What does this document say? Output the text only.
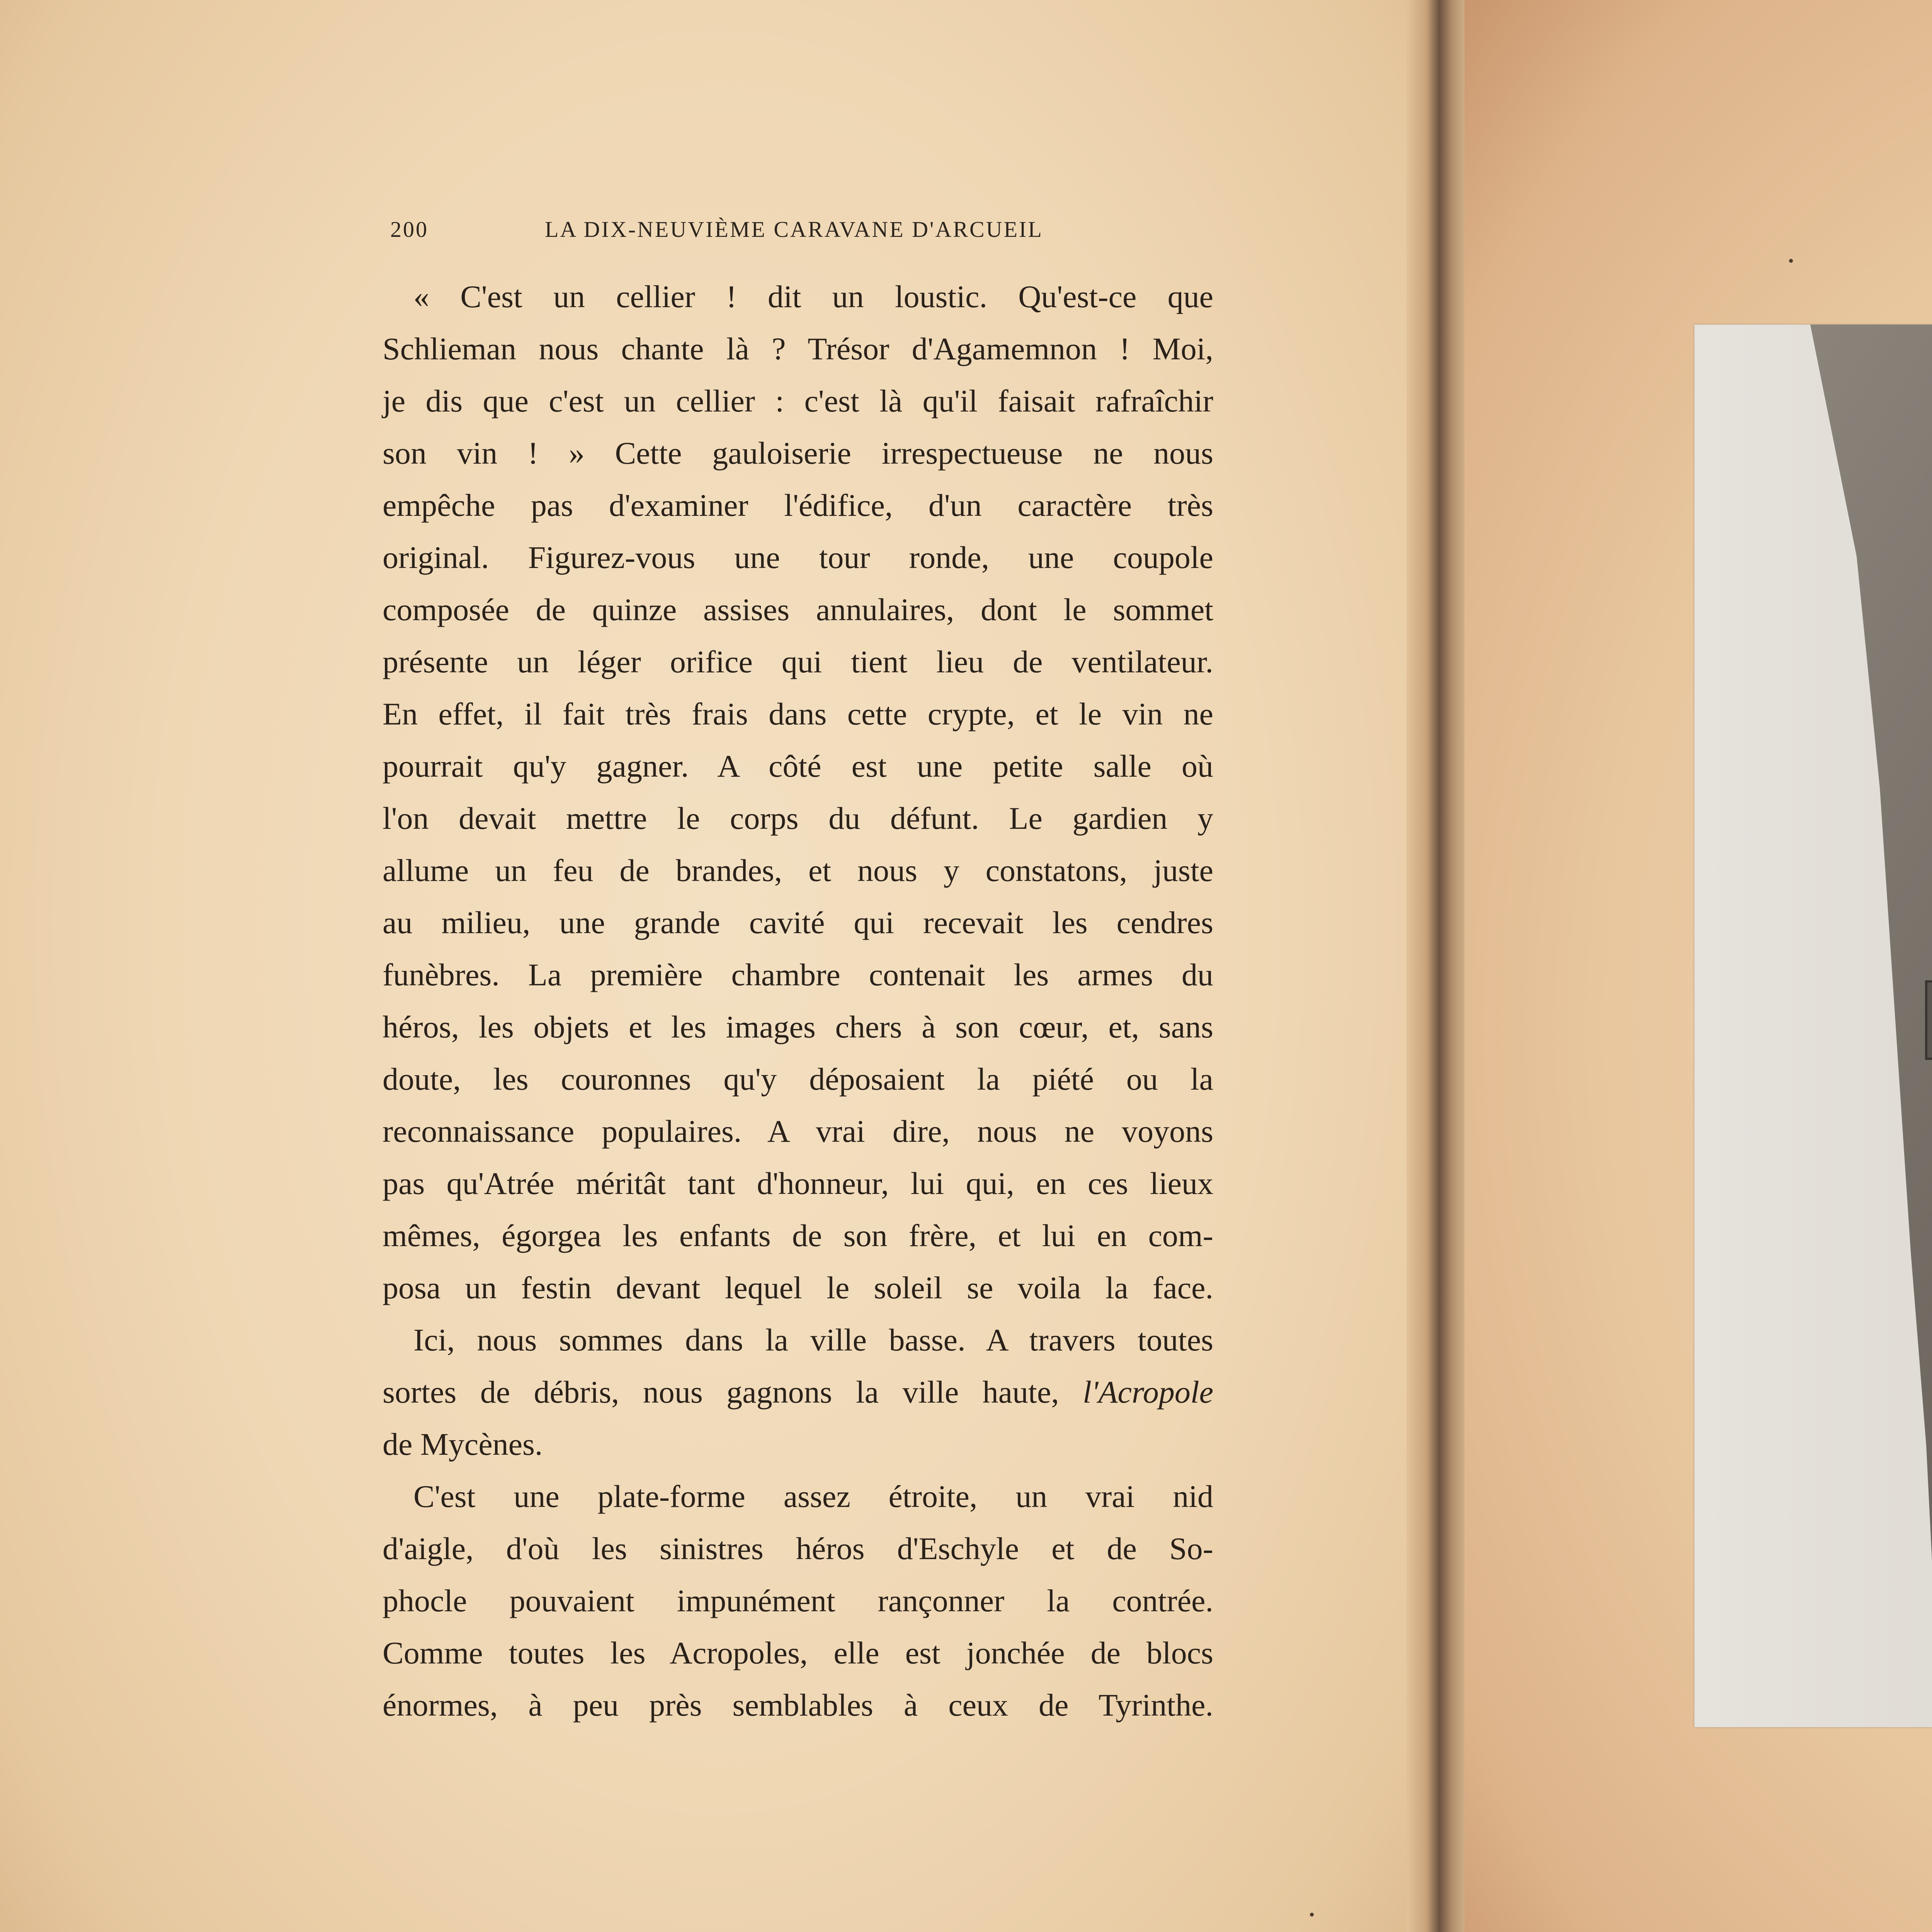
200	LA DIX-NEUVIÈME CARAVANE D'ARCUEIL
« C'est un cellier ! dit un loustic. Qu'est-ce que
Schlieman nous chante là ? Trésor d'Agamemnon ! Moi,
je dis que c'est un cellier : c'est là qu'il faisait rafraîchir
son vin ! » Cette gauloiserie irrespectueuse ne nous
empêche pas d'examiner l'édifice, d'un caractère très
original. Figurez-vous une tour ronde, une coupole
composée de quinze assises annulaires, dont le sommet
présente un léger orifice qui tient lieu de ventilateur.
En effet, il fait très frais dans cette crypte, et le vin ne
pourrait qu'y gagner. A côté est une petite salle où
l'on devait mettre le corps du défunt. Le gardien y
allume un feu de brandes, et nous y constatons, juste
au milieu, une grande cavité qui recevait les cendres
funèbres. La première chambre contenait les armes du
héros, les objets et les images chers à son cœur, et, sans
doute, les couronnes qu'y déposaient la piété ou la
reconnaissance populaires. A vrai dire, nous ne voyons
pas qu'Atrée méritât tant d'honneur, lui qui, en ces lieux
mêmes, égorgea les enfants de son frère, et lui en com-
posa un festin devant lequel le soleil se voila la face.
Ici, nous sommes dans la ville basse. A travers toutes
sortes de débris, nous gagnons la ville haute, l'Acropole
de Mycènes.
C'est une plate-forme assez étroite, un vrai nid
d'aigle, d'où les sinistres héros d'Eschyle et de So-
phocle pouvaient impunément rançonner la contrée.
Comme toutes les Acropoles, elle est jonchée de blocs
énormes, à peu près semblables à ceux de Tyrinthe.
